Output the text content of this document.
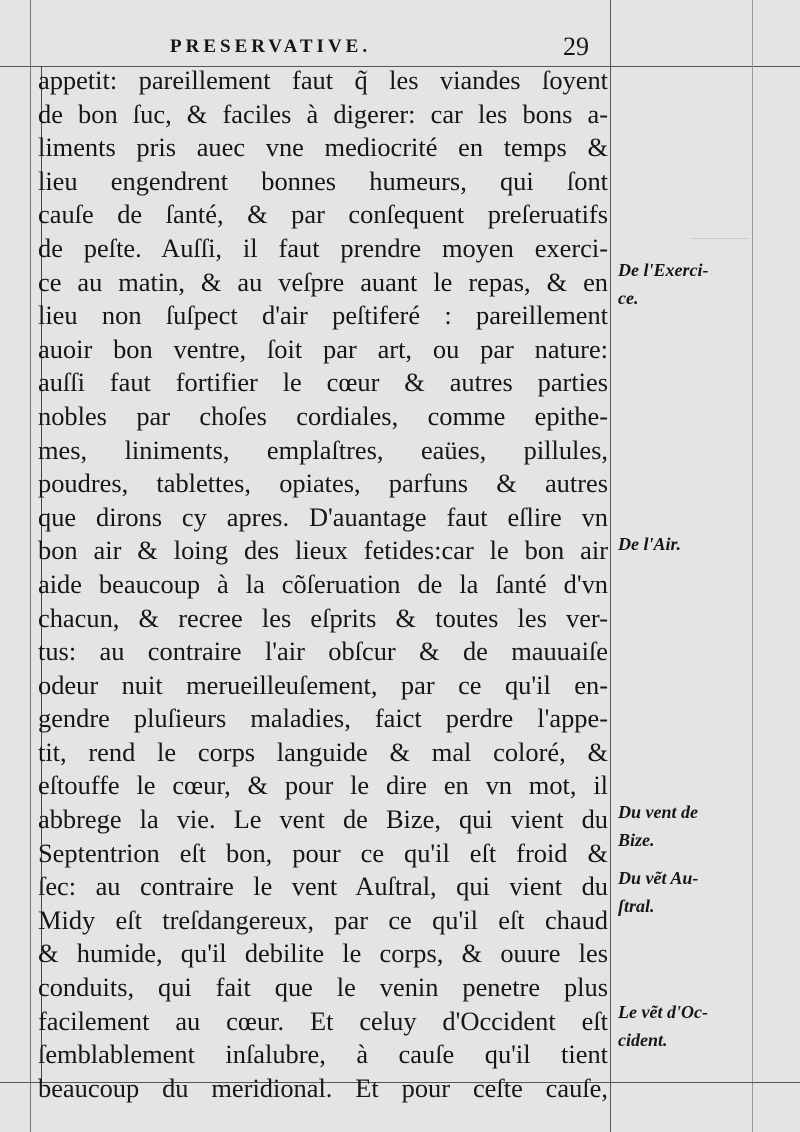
PRESERVATIVE.	29
appetit: pareillement faut q̃ les viandes ſoyent
de bon ſuc, & faciles à digerer: car les bons a-
liments pris auec vne mediocrité en temps &
lieu engendrent bonnes humeurs, qui ſont
cauſe de ſanté, & par conſequent preſeruatifs
de peſte. Auſſi, il faut prendre moyen exerci-
ce au matin, & au veſpre auant le repas, & en
lieu non ſuſpect d'air peſtiferé : pareillement
auoir bon ventre, ſoit par art, ou par nature:
auſſi faut fortifier le cœur & autres parties
nobles par choſes cordiales, comme epithe-
mes, liniments, emplaſtres, eaües, pillules,
poudres, tablettes, opiates, parfuns & autres
que dirons cy apres. D'auantage faut eſlire vn
bon air & loing des lieux fetides:car le bon air
aide beaucoup à la cõſeruation de la ſanté d'vn
chacun, & recree les eſprits & toutes les ver-
tus: au contraire l'air obſcur & de mauuaiſe
odeur nuit merueilleuſement, par ce qu'il en-
gendre pluſieurs maladies, faict perdre l'appe-
tit, rend le corps languide & mal coloré, &
eſtouffe le cœur, & pour le dire en vn mot, il
abbrege la vie. Le vent de Bize, qui vient du
Septentrion eſt bon, pour ce qu'il eſt froid &
ſec: au contraire le vent Auſtral, qui vient du
Midy eſt treſdangereux, par ce qu'il eſt chaud
& humide, qu'il debilite le corps, & ouure les
conduits, qui fait que le venin penetre plus
facilement au cœur. Et celuy d'Occident eſt
ſemblablement inſalubre, à cauſe qu'il tient
beaucoup du meridional. Et pour ceſte cauſe,
De l'Exerci-
ce.
De l'Air.
Du vent de
Bize.
Du vẽt Au-
ſtral.
Le vẽt d'Oc-
cident.
